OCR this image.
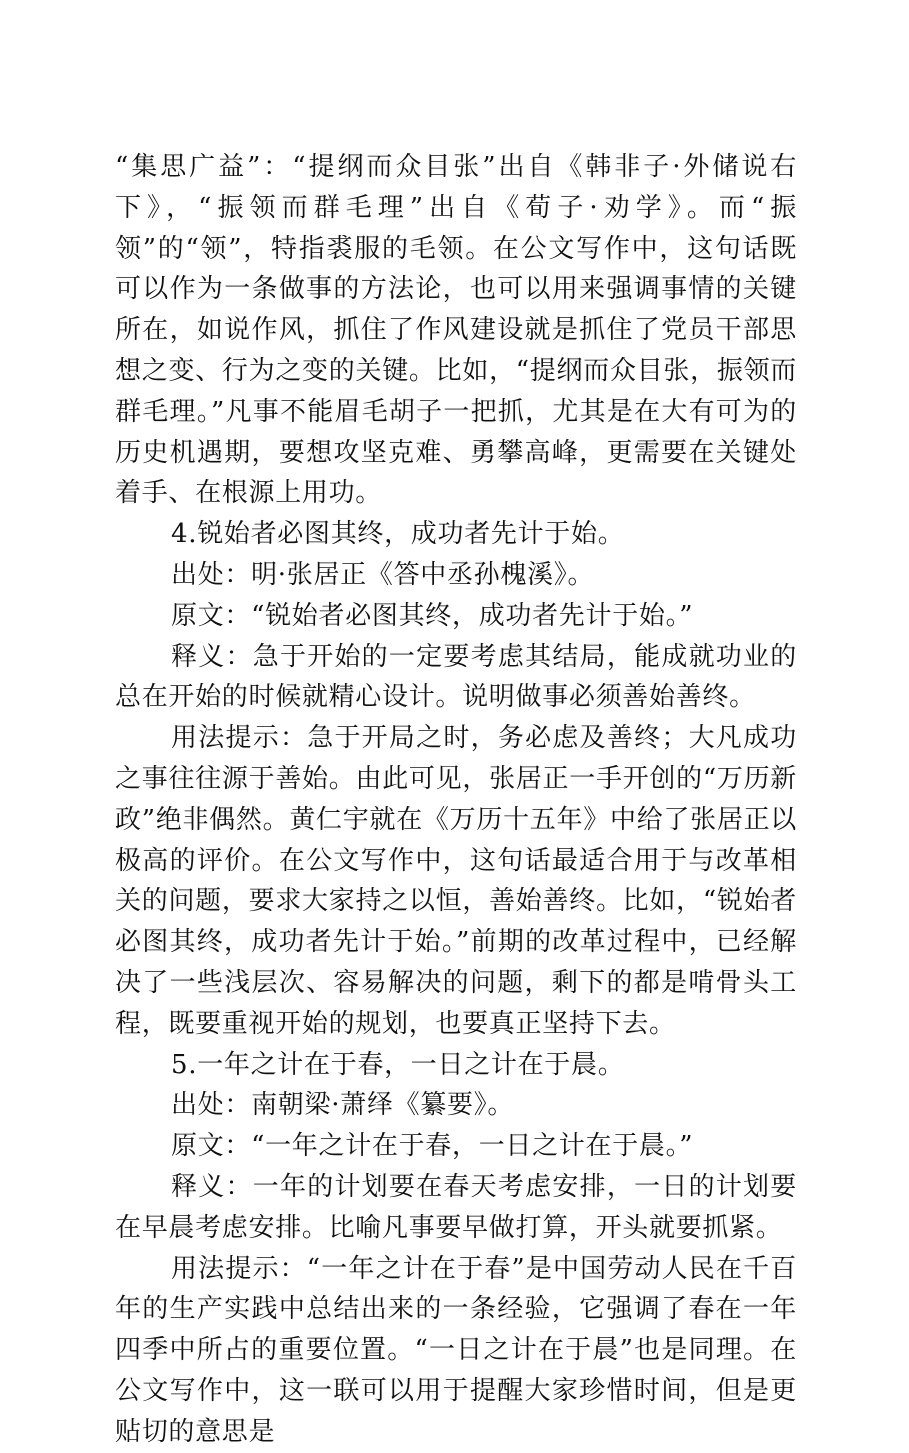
“集思广益”：“提纲而众目张”出自《韩非子·外储说右下》，“振领而群毛理”出自《荀子·劝学》。而“振领”的“领”，特指裘服的毛领。在公文写作中，这句话既可以作为一条做事的方法论，也可以用来强调事情的关键所在，如说作风，抓住了作风建设就是抓住了党员干部思想之变、行为之变的关键。比如，“提纲而众目张，振领而群毛理。”凡事不能眉毛胡子一把抓，尤其是在大有可为的历史机遇期，要想攻坚克难、勇攀高峰，更需要在关键处着手、在根源上用功。

4.锐始者必图其终，成功者先计于始。

出处：明·张居正《答中丞孙槐溪》。

原文：“锐始者必图其终，成功者先计于始。”

释义：急于开始的一定要考虑其结局，能成就功业的总在开始的时候就精心设计。说明做事必须善始善终。

用法提示：急于开局之时，务必虑及善终；大凡成功之事往往源于善始。由此可见，张居正一手开创的“万历新政”绝非偶然。黄仁宇就在《万历十五年》中给了张居正以极高的评价。在公文写作中，这句话最适合用于与改革相关的问题，要求大家持之以恒，善始善终。比如，“锐始者必图其终，成功者先计于始。”前期的改革过程中，已经解决了一些浅层次、容易解决的问题，剩下的都是啃骨头工程，既要重视开始的规划，也要真正坚持下去。

5.一年之计在于春，一日之计在于晨。

出处：南朝梁·萧绎《纂要》。

原文：“一年之计在于春，一日之计在于晨。”

释义：一年的计划要在春天考虑安排，一日的计划要在早晨考虑安排。比喻凡事要早做打算，开头就要抓紧。

用法提示：“一年之计在于春”是中国劳动人民在千百年的生产实践中总结出来的一条经验，它强调了春在一年四季中所占的重要位置。“一日之计在于晨”也是同理。在公文写作中，这一联可以用于提醒大家珍惜时间，但是更贴切的意思是
